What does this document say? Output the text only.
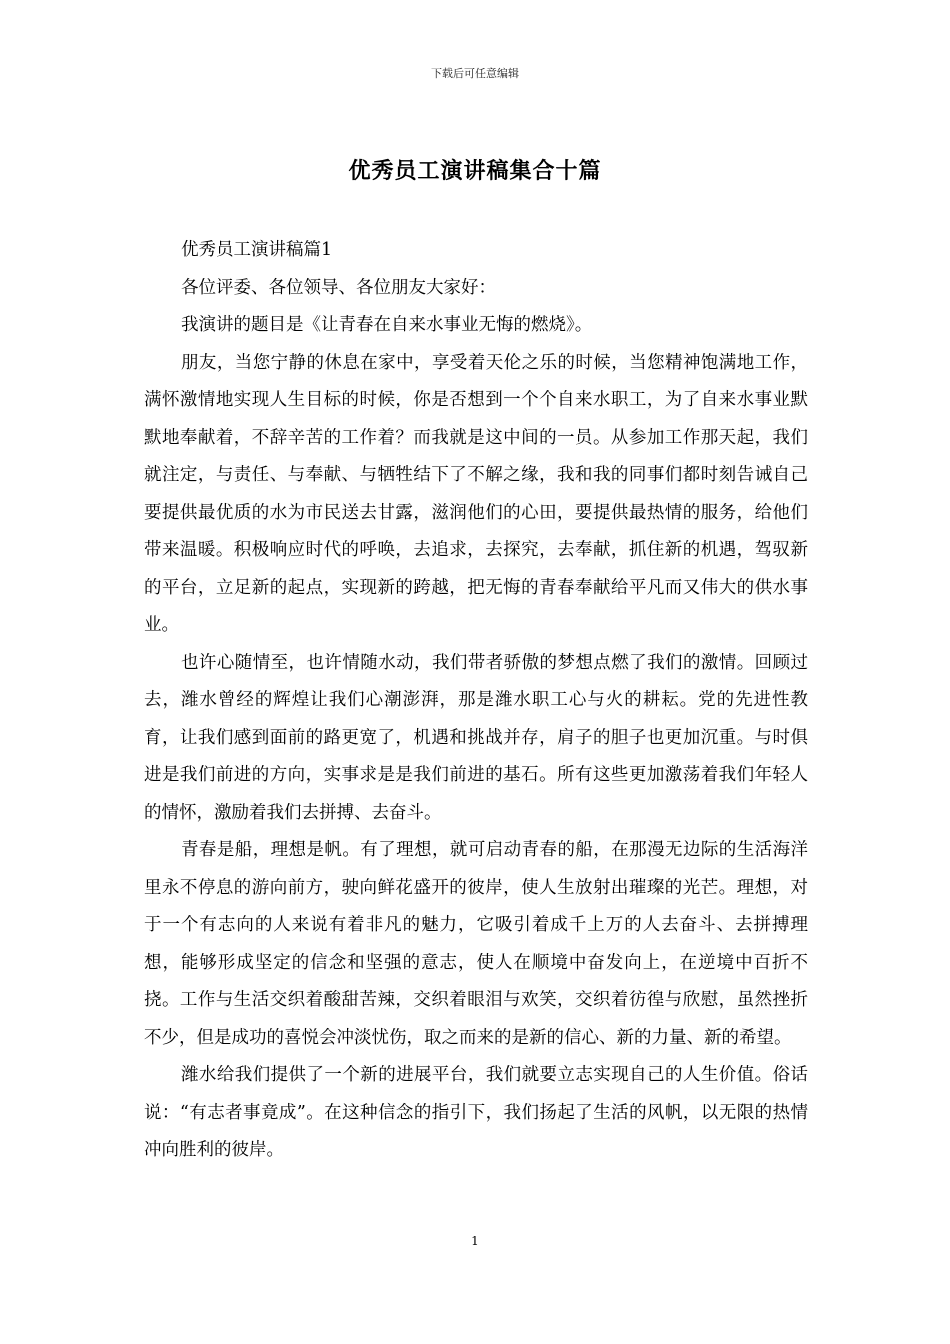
下载后可任意编辑
优秀员工演讲稿集合十篇

优秀员工演讲稿篇1

各位评委、各位领导、各位朋友大家好：

我演讲的题目是《让青春在自来水事业无悔的燃烧》。

朋友，当您宁静的休息在家中，享受着天伦之乐的时候，当您精神饱满地工作，满怀激情地实现人生目标的时候，你是否想到一个个自来水职工，为了自来水事业默默地奉献着，不辞辛苦的工作着？而我就是这中间的一员。从参加工作那天起，我们就注定，与责任、与奉献、与牺牲结下了不解之缘，我和我的同事们都时刻告诫自己要提供最优质的水为市民送去甘露，滋润他们的心田，要提供最热情的服务，给他们带来温暖。积极响应时代的呼唤，去追求，去探究，去奉献，抓住新的机遇，驾驭新的平台，立足新的起点，实现新的跨越，把无悔的青春奉献给平凡而又伟大的供水事业。

也许心随情至，也许情随水动，我们带者骄傲的梦想点燃了我们的激情。回顾过去，潍水曾经的辉煌让我们心潮澎湃，那是潍水职工心与火的耕耘。党的先进性教育，让我们感到面前的路更宽了，机遇和挑战并存，肩子的胆子也更加沉重。与时俱进是我们前进的方向，实事求是是我们前进的基石。所有这些更加激荡着我们年轻人的情怀，激励着我们去拼搏、去奋斗。

青春是船，理想是帆。有了理想，就可启动青春的船，在那漫无边际的生活海洋里永不停息的游向前方，驶向鲜花盛开的彼岸，使人生放射出璀璨的光芒。理想，对于一个有志向的人来说有着非凡的魅力，它吸引着成千上万的人去奋斗、去拼搏理想，能够形成坚定的信念和坚强的意志，使人在顺境中奋发向上，在逆境中百折不挠。工作与生活交织着酸甜苦辣，交织着眼泪与欢笑，交织着彷徨与欣慰，虽然挫折不少，但是成功的喜悦会冲淡忧伤，取之而来的是新的信心、新的力量、新的希望。

潍水给我们提供了一个新的进展平台，我们就要立志实现自己的人生价值。俗话说：“有志者事竟成”。在这种信念的指引下，我们扬起了生活的风帆，以无限的热情冲向胜利的彼岸。

1
